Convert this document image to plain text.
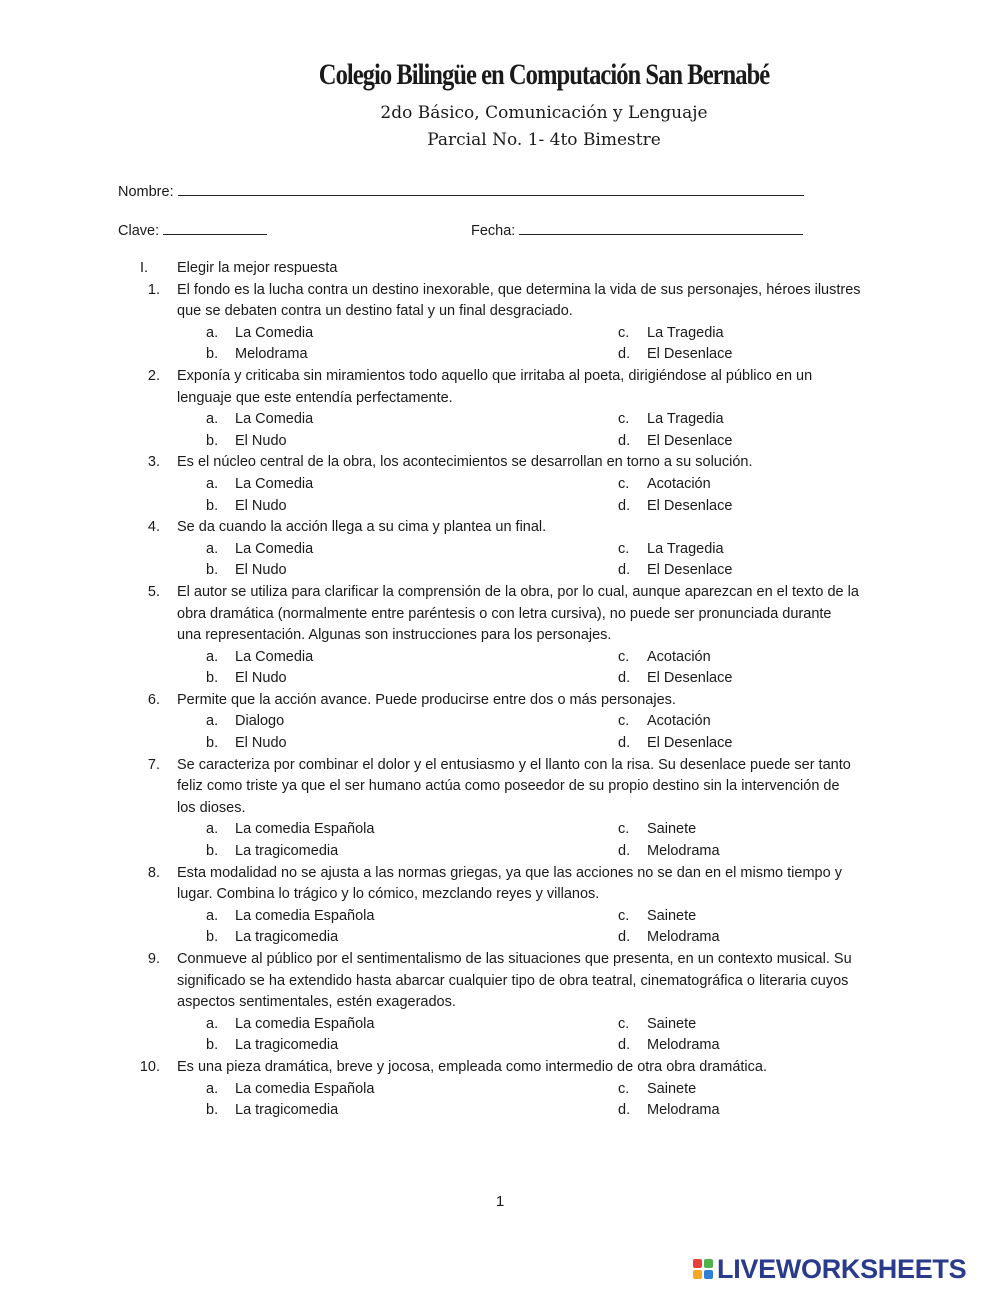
Colegio Bilingüe en Computación San Bernabé
2do Básico, Comunicación y Lenguaje
Parcial No. 1- 4to Bimestre
Nombre:
Clave:	Fecha:
I. Elegir la mejor respuesta
1. El fondo es la lucha contra un destino inexorable, que determina la vida de sus personajes, héroes ilustres
que se debaten contra un destino fatal y un final desgraciado.
a. La Comedia	c. La Tragedia
b. Melodrama	d. El Desenlace
2. Exponía y criticaba sin miramientos todo aquello que irritaba al poeta, dirigiéndose al público en un
lenguaje que este entendía perfectamente.
a. La Comedia	c. La Tragedia
b. El Nudo	d. El Desenlace
3. Es el núcleo central de la obra, los acontecimientos se desarrollan en torno a su solución.
a. La Comedia	c. Acotación
b. El Nudo	d. El Desenlace
4. Se da cuando la acción llega a su cima y plantea un final.
a. La Comedia	c. La Tragedia
b. El Nudo	d. El Desenlace
5. El autor se utiliza para clarificar la comprensión de la obra, por lo cual, aunque aparezcan en el texto de la
obra dramática (normalmente entre paréntesis o con letra cursiva), no puede ser pronunciada durante
una representación. Algunas son instrucciones para los personajes.
a. La Comedia	c. Acotación
b. El Nudo	d. El Desenlace
6. Permite que la acción avance. Puede producirse entre dos o más personajes.
a. Dialogo	c. Acotación
b. El Nudo	d. El Desenlace
7. Se caracteriza por combinar el dolor y el entusiasmo y el llanto con la risa. Su desenlace puede ser tanto
feliz como triste ya que el ser humano actúa como poseedor de su propio destino sin la intervención de
los dioses.
a. La comedia Española	c. Sainete
b. La tragicomedia	d. Melodrama
8. Esta modalidad no se ajusta a las normas griegas, ya que las acciones no se dan en el mismo tiempo y
lugar. Combina lo trágico y lo cómico, mezclando reyes y villanos.
a. La comedia Española	c. Sainete
b. La tragicomedia	d. Melodrama
9. Conmueve al público por el sentimentalismo de las situaciones que presenta, en un contexto musical. Su
significado se ha extendido hasta abarcar cualquier tipo de obra teatral, cinematográfica o literaria cuyos
aspectos sentimentales, estén exagerados.
a. La comedia Española	c. Sainete
b. La tragicomedia	d. Melodrama
10. Es una pieza dramática, breve y jocosa, empleada como intermedio de otra obra dramática.
a. La comedia Española	c. Sainete
b. La tragicomedia	d. Melodrama
1
LIVEWORKSHEETS
